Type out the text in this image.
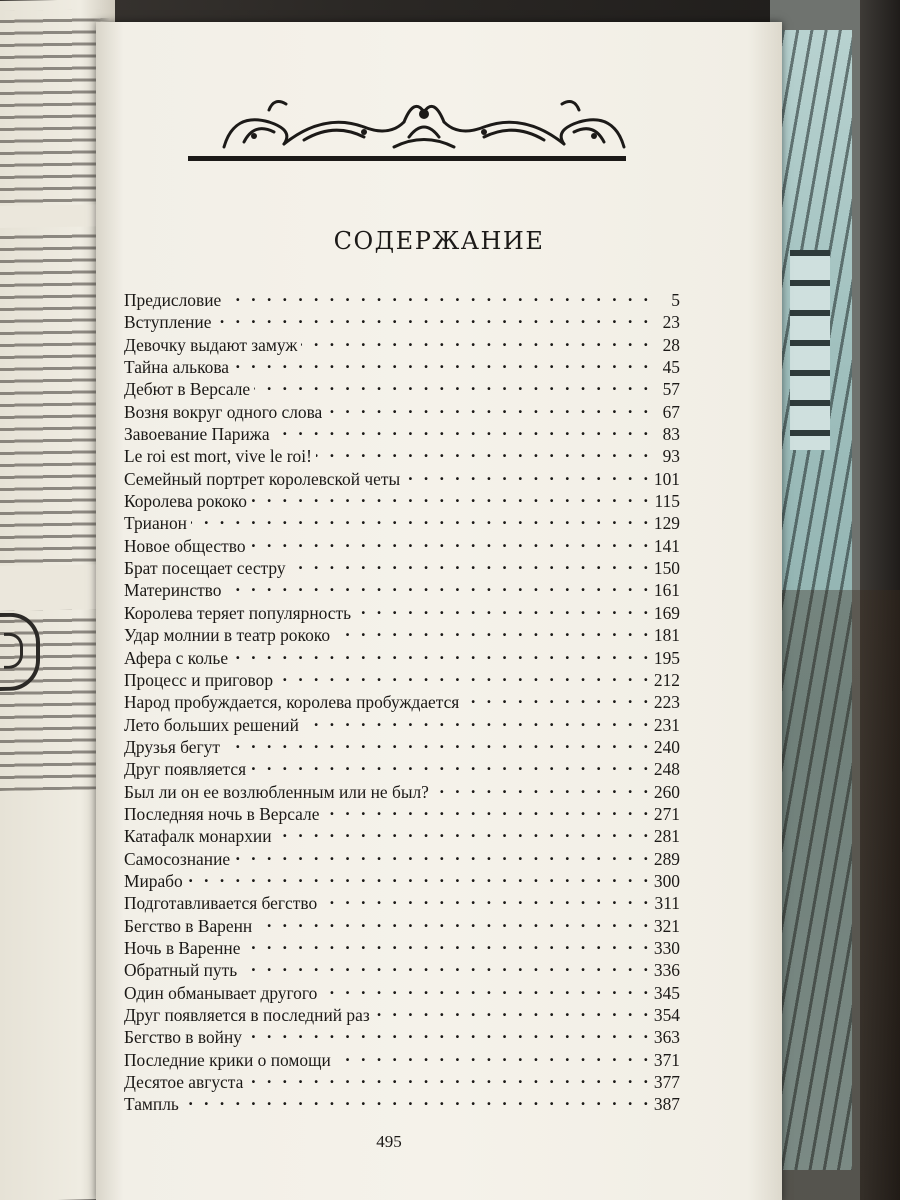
СОДЕРЖАНИЕ
Предисловие . . .	5
Вступление . . .	23
Девочку выдают замуж . . .	28
Тайна алькова . . .	45
Дебют в Версале . . .	57
Возня вокруг одного слова . . .	67
Завоевание Парижа . . .	83
Le roi est mort, vive le roi! . . .	93
Семейный портрет королевской четы . . .	101
Королева рококо . . .	115
Трианон . . .	129
Новое общество . . .	141
Брат посещает сестру . . .	150
Материнство . . .	161
Королева теряет популярность . . .	169
Удар молнии в театр рококо . . .	181
Афера с колье . . .	195
Процесс и приговор . . .	212
Народ пробуждается, королева пробуждается . . .	223
Лето больших решений . . .	231
Друзья бегут . . .	240
Друг появляется . . .	248
Был ли он ее возлюбленным или не был? . . .	260
Последняя ночь в Версале . . .	271
Катафалк монархии . . .	281
Самосознание . . .	289
Мирабо . . .	300
Подготавливается бегство . . .	311
Бегство в Варенн . . .	321
Ночь в Варенне . . .	330
Обратный путь . . .	336
Один обманывает другого . . .	345
Друг появляется в последний раз . . .	354
Бегство в войну . . .	363
Последние крики о помощи . . .	371
Десятое августа . . .	377
Тампль . . .	387
495
